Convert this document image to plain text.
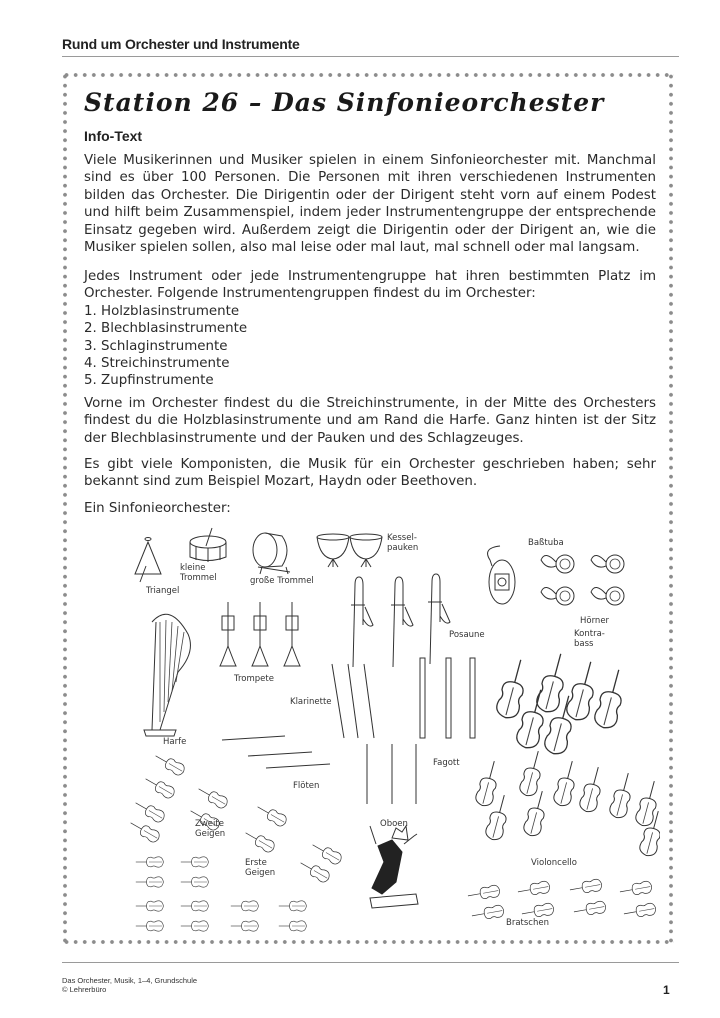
Rund um Orchester und Instrumente
Station 26 – Das Sinfonieorchester
Info-Text
Viele Musikerinnen und Musiker spielen in einem Sinfonieorchester mit. Manchmal sind es über 100 Personen. Die Personen mit ihren verschiedenen Instrumenten bilden das Orchester. Die Dirigentin oder der Dirigent steht vorn auf einem Podest und hilft beim Zusammenspiel, indem jeder Instrumentengruppe der entsprechende Einsatz gegeben wird. Außerdem zeigt die Dirigentin oder der Dirigent an, wie die Musiker spielen sollen, also mal leise oder mal laut, mal schnell oder mal langsam.
Jedes Instrument oder jede Instrumentengruppe hat ihren bestimmten Platz im Orchester. Folgende Instrumentengruppen findest du im Orchester:
1. Holzblasinstrumente
2. Blechblasinstrumente
3. Schlaginstrumente
4. Streichinstrumente
5. Zupfinstrumente
Vorne im Orchester findest du die Streichinstrumente, in der Mitte des Orchesters findest du die Holzblasinstrumente und am Rand die Harfe. Ganz hinten ist der Sitz der Blechblasinstrumente und der Pauken und des Schlagzeuges.
Es gibt viele Komponisten, die Musik für ein Orchester geschrieben haben; sehr bekannt sind zum Beispiel Mozart, Haydn oder Beethoven.
Ein Sinfonieorchester:
Triangel
kleine
Trommel	große Trommel
Kessel-
pauken	Baßtuba
Hörner
Posaune
Trompete
Klarinette
Fagott
Kontra-
bass
Harfe
Flöten
Oboen
Zweite
Geigen
Erste
Geigen
Violoncello
Bratschen
Das Orchester, Musik, 1–4, Grundschule
© Lehrerbüro	1
